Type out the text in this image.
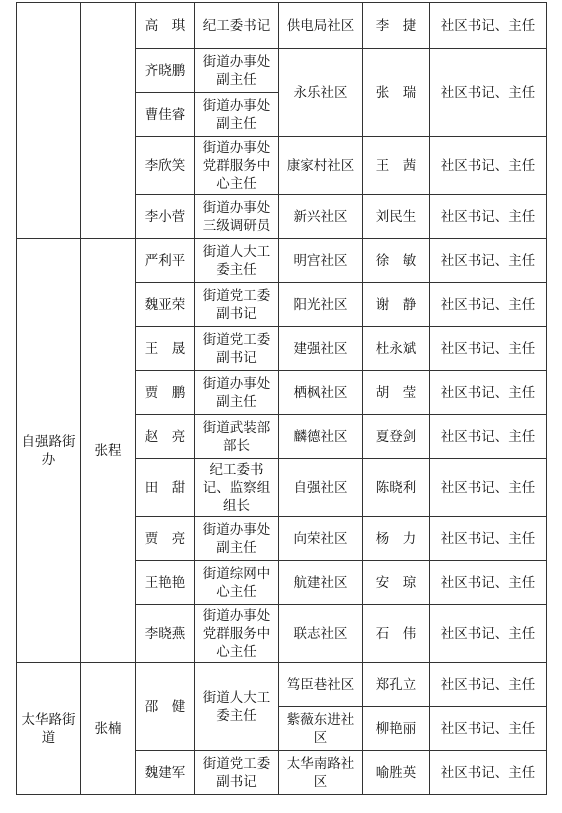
		高　琪	纪工委书记	供电局社区	李　捷	社区书记、主任
		齐晓鹏	街道办事处副主任	永乐社区	张　瑞	社区书记、主任
		曹佳睿	街道办事处副主任			
		李欣笑	街道办事处党群服务中心主任	康家村社区	王　茜	社区书记、主任
		李小菅	街道办事处三级调研员	新兴社区	刘民生	社区书记、主任
自强路街办	张程	严利平	街道人大工委主任	明宫社区	徐　敏	社区书记、主任
		魏亚荣	街道党工委副书记	阳光社区	谢　静	社区书记、主任
		王　晟	街道党工委副书记	建强社区	杜永斌	社区书记、主任
		贾　鹏	街道办事处副主任	栖枫社区	胡　莹	社区书记、主任
		赵　亮	街道武装部部长	麟德社区	夏登剑	社区书记、主任
		田　甜	纪工委书记、监察组组长	自强社区	陈晓利	社区书记、主任
		贾　亮	街道办事处副主任	向荣社区	杨　力	社区书记、主任
		王艳艳	街道综网中心主任	航建社区	安　琼	社区书记、主任
		李晓燕	街道办事处党群服务中心主任	联志社区	石　伟	社区书记、主任
太华路街道	张楠	邵　健	街道人大工委主任	笃臣巷社区	郑孔立	社区书记、主任
				紫薇东进社区	柳艳丽	社区书记、主任
		魏建军	街道党工委副书记	太华南路社区	喻胜英	社区书记、主任
